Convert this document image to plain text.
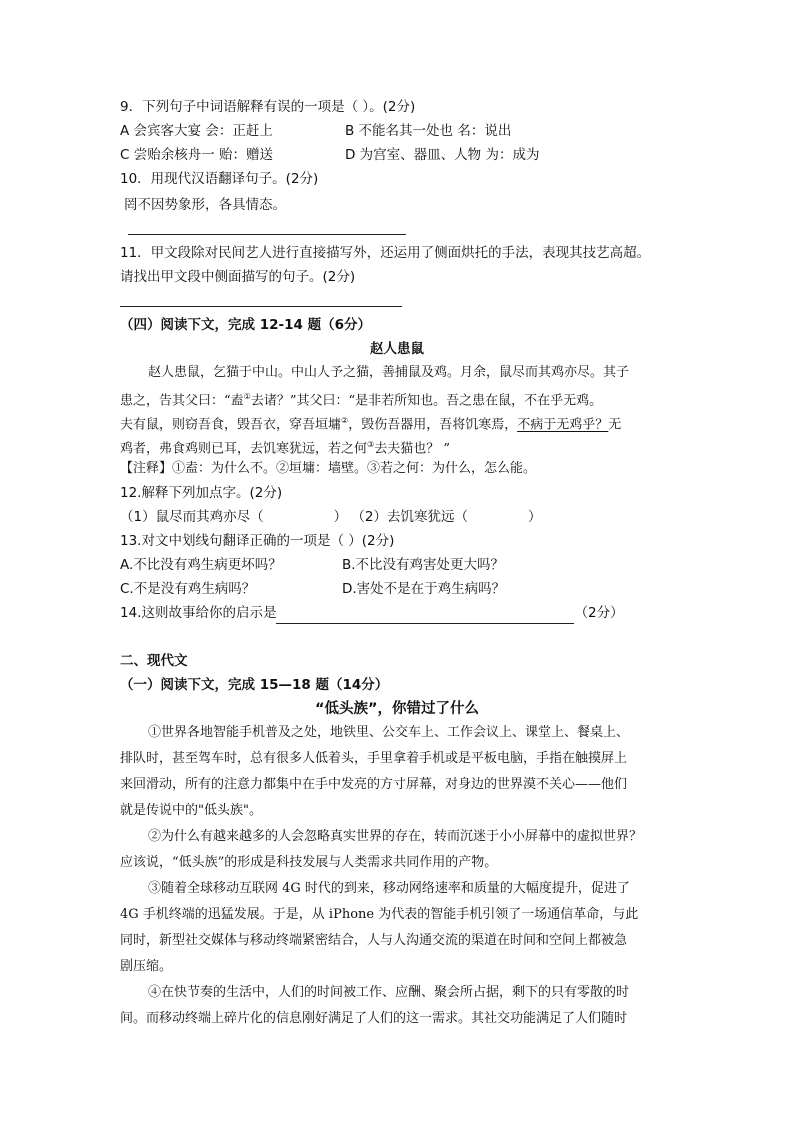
9．下列句子中词语解释有误的一项是（ ）。(2分)
A 会宾客大宴 会：正赶上	B 不能名其一处也 名：说出
C 尝贻余核舟一 贻：赠送	D 为宫室、器皿、人物 为：成为
10．用现代汉语翻译句子。(2分)
罔不因势象形，各具情态。
11．甲文段除对民间艺人进行直接描写外，还运用了侧面烘托的手法，表现其技艺高超。
请找出甲文段中侧面描写的句子。(2分)
（四）阅读下文，完成 12-14 题（6分）
赵人患鼠
赵人患鼠，乞猫于中山。中山人予之猫，善捕鼠及鸡。月余，鼠尽而其鸡亦尽。其子
患之，告其父曰：“盍①去诸？”其父曰：“是非若所知也。吾之患在鼠，不在乎无鸡。
夫有鼠，则窃吾食，毁吾衣，穿吾垣墉②，毁伤吾器用，吾将饥寒焉，不病于无鸡乎？无
鸡者，弗食鸡则已耳，去饥寒犹远，若之何③去夫猫也？ ”
【注释】①盍：为什么不。②垣墉：墙壁。③若之何：为什么，怎么能。
12.解释下列加点字。(2分)
（1）鼠尽而其鸡亦尽（	） （2）去饥寒犹远（	）
13.对文中划线句翻译正确的一项是（ ）(2分)
A.不比没有鸡生病更坏吗？	B.不比没有鸡害处更大吗？
C.不是没有鸡生病吗？	D.害处不是在于鸡生病吗？
14.这则故事给你的启示是	（2分）
二、现代文
（一）阅读下文，完成 15—18 题（14分）
“低头族”，你错过了什么
①世界各地智能手机普及之处，地铁里、公交车上、工作会议上、课堂上、餐桌上、
排队时，甚至驾车时，总有很多人低着头，手里拿着手机或是平板电脑，手指在触摸屏上
来回滑动，所有的注意力都集中在手中发亮的方寸屏幕，对身边的世界漠不关心——他们
就是传说中的"低头族"。
②为什么有越来越多的人会忽略真实世界的存在，转而沉迷于小小屏幕中的虚拟世界？
应该说，“低头族”的形成是科技发展与人类需求共同作用的产物。
③随着全球移动互联网 4G 时代的到来，移动网络速率和质量的大幅度提升，促进了
4G 手机终端的迅猛发展。于是，从 iPhone 为代表的智能手机引领了一场通信革命，与此
同时，新型社交媒体与移动终端紧密结合，人与人沟通交流的渠道在时间和空间上都被急
剧压缩。
④在快节奏的生活中，人们的时间被工作、应酬、聚会所占据，剩下的只有零散的时
间。而移动终端上碎片化的信息刚好满足了人们的这一需求。其社交功能满足了人们随时
